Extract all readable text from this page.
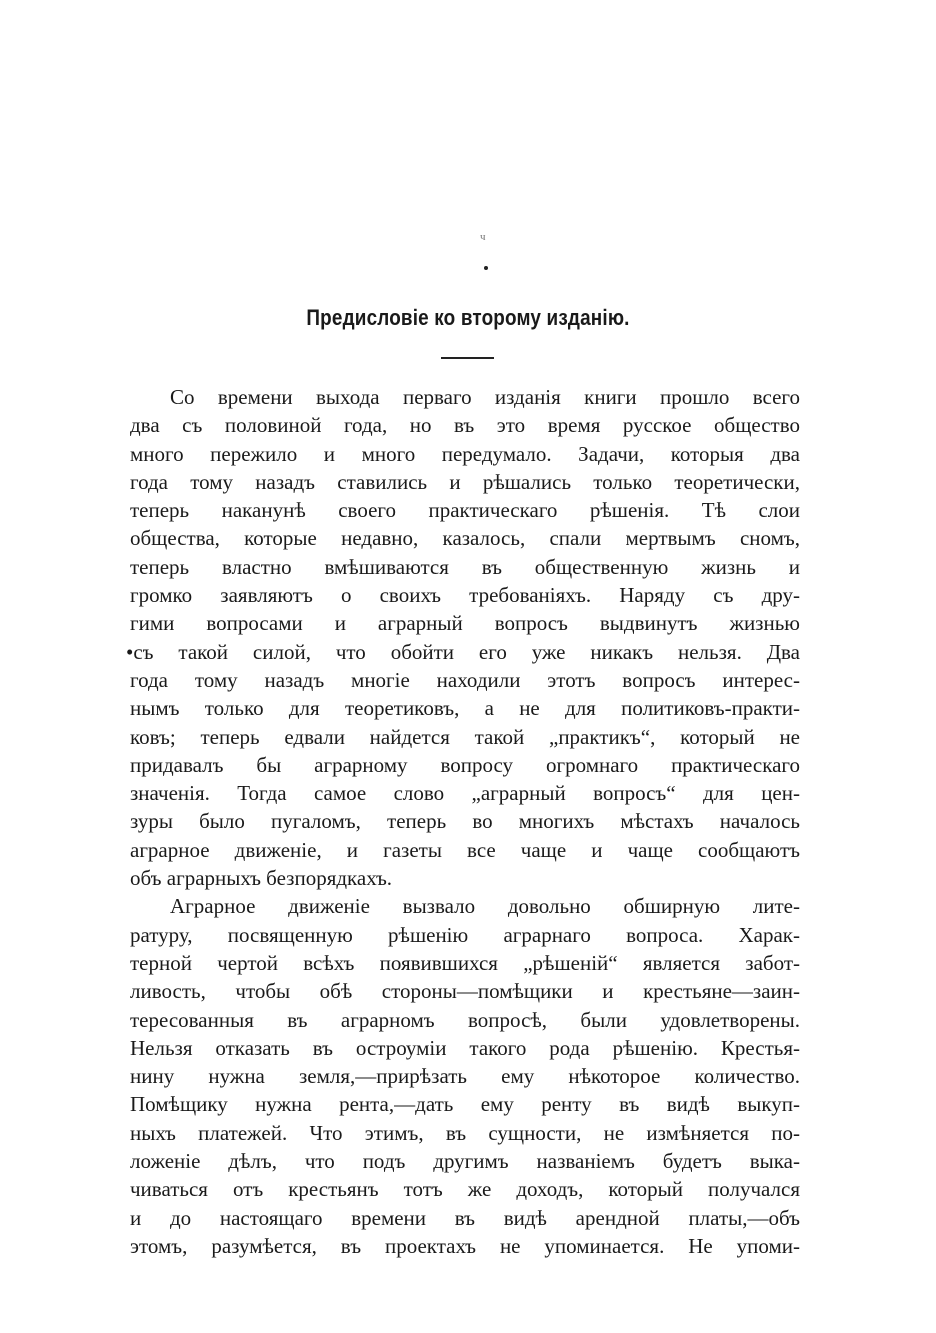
ч
Предисловіе ко второму изданію.
Со времени выхода перваго изданія книги прошло всего
два съ половиной года, но въ это время русское общество
много пережило и много передумало. Задачи, которыя два
года тому назадъ ставились и рѣшались только теоретически,
теперь наканунѣ своего практическаго рѣшенія. Тѣ слои
общества, которые недавно, казалось, спали мертвымъ сномъ,
теперь властно вмѣшиваются въ общественную жизнь и
громко заявляютъ о своихъ требованіяхъ. Наряду съ дру-
гими вопросами и аграрный вопросъ выдвинутъ жизнью
•съ такой силой, что обойти его уже никакъ нельзя. Два
года тому назадъ многіе находили этотъ вопросъ интерес-
нымъ только для теоретиковъ, а не для политиковъ-практи-
ковъ; теперь едвали найдется такой „практикъ“, который не
придавалъ бы аграрному вопросу огромнаго практическаго
значенія. Тогда самое слово „аграрный вопросъ“ для цен-
зуры было пугаломъ, теперь во многихъ мѣстахъ началось
аграрное движеніе, и газеты все чаще и чаще сообщаютъ
объ аграрныхъ безпорядкахъ.
Аграрное движеніе вызвало довольно обширную лите-
ратуру, посвященную рѣшенію аграрнаго вопроса. Харак-
терной чертой всѣхъ появившихся „рѣшеній“ является забот-
ливость, чтобы обѣ стороны—помѣщики и крестьяне—заин-
тересованныя въ аграрномъ вопросѣ, были удовлетворены.
Нельзя отказать въ остроуміи такого рода рѣшенію. Крестья-
нину нужна земля,—прирѣзать ему нѣкоторое количество.
Помѣщику нужна рента,—дать ему ренту въ видѣ выкуп-
ныхъ платежей. Что этимъ, въ сущности, не измѣняется по-
ложеніе дѣлъ, что подъ другимъ названіемъ будетъ выка-
чиваться отъ крестьянъ тотъ же доходъ, который получался
и до настоящаго времени въ видѣ арендной платы,—объ
этомъ, разумѣется, въ проектахъ не упоминается. Не упоми-
